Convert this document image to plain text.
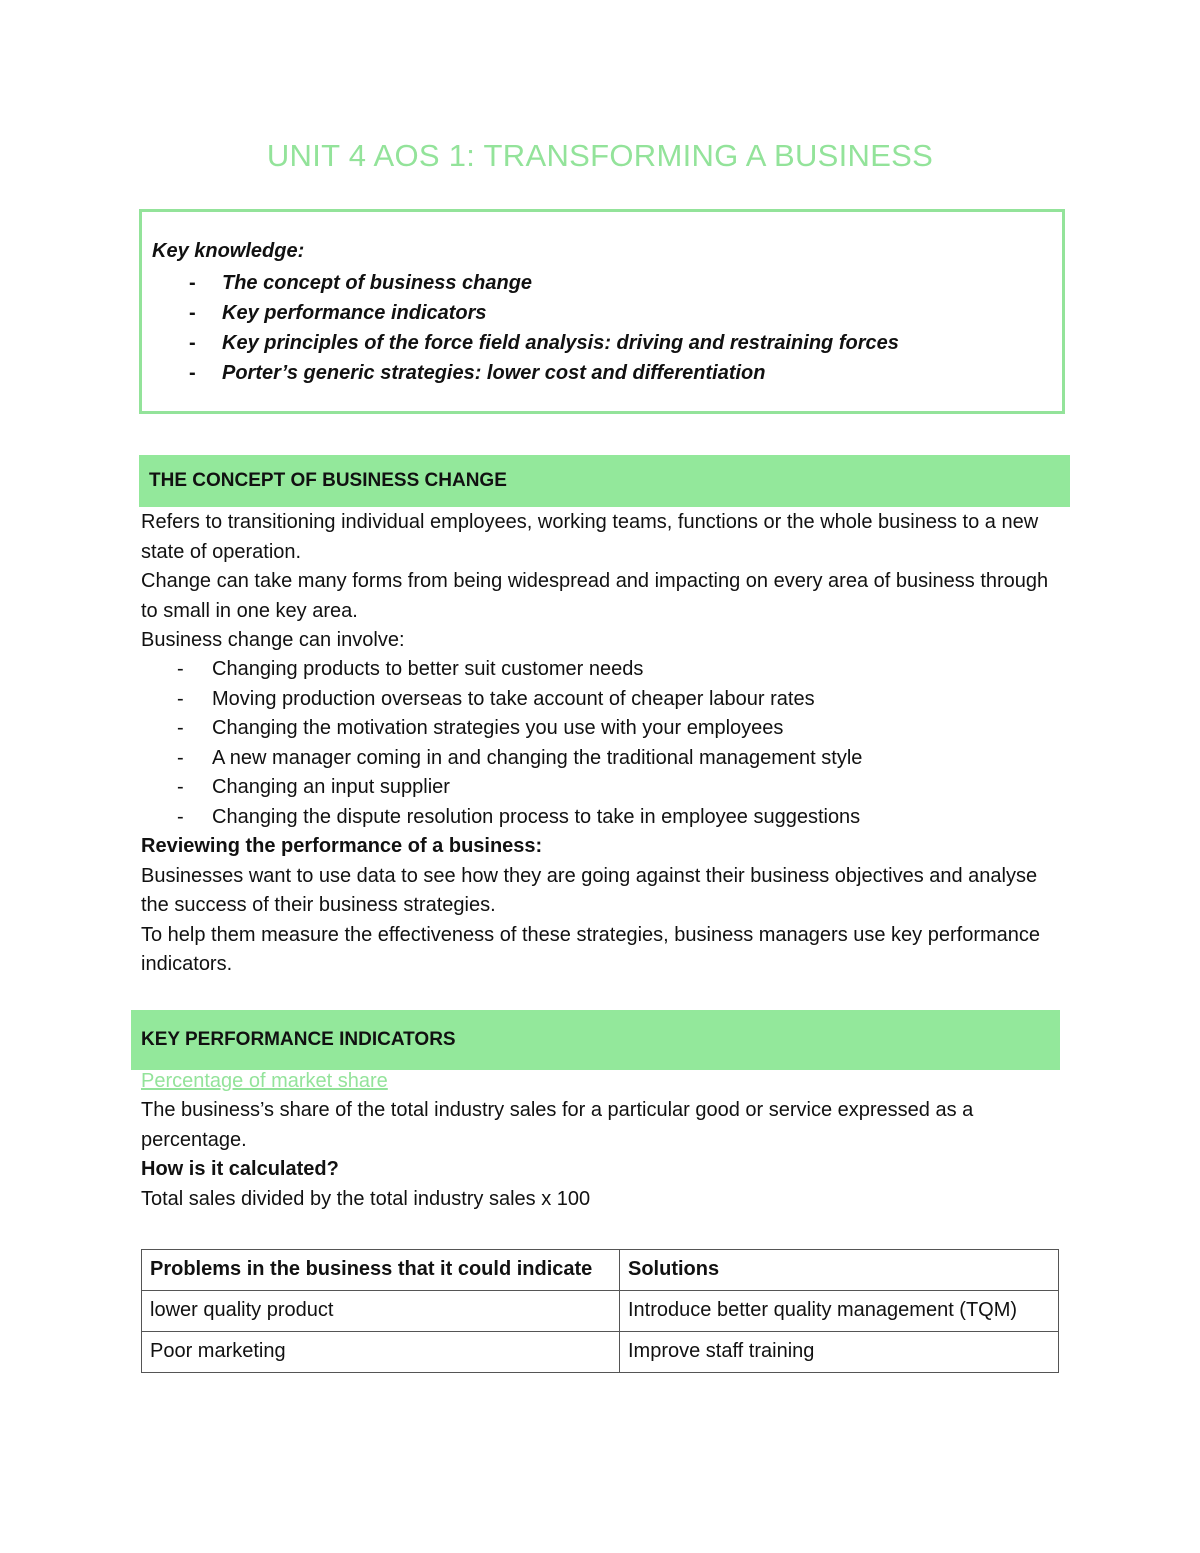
UNIT 4 AOS 1: TRANSFORMING A BUSINESS

Key knowledge:

- The concept of business change
- Key performance indicators
- Key principles of the force field analysis: driving and restraining forces
- Porter’s generic strategies: lower cost and differentiation
THE CONCEPT OF BUSINESS CHANGE
Refers to transitioning individual employees, working teams, functions or the whole business to a new state of operation.
Change can take many forms from being widespread and impacting on every area of business through to small in one key area.
Business change can involve:
- Changing products to better suit customer needs
- Moving production overseas to take account of cheaper labour rates
- Changing the motivation strategies you use with your employees
- A new manager coming in and changing the traditional management style
- Changing an input supplier
- Changing the dispute resolution process to take in employee suggestions
Reviewing the performance of a business:
Businesses want to use data to see how they are going against their business objectives and analyse the success of their business strategies.
To help them measure the effectiveness of these strategies, business managers use key performance indicators.
KEY PERFORMANCE INDICATORS
Percentage of market share
The business’s share of the total industry sales for a particular good or service expressed as a percentage.
How is it calculated?
Total sales divided by the total industry sales x 100
Problems in the business that it could indicate	Solutions
lower quality product	Introduce better quality management (TQM)
Poor marketing	Improve staff training
